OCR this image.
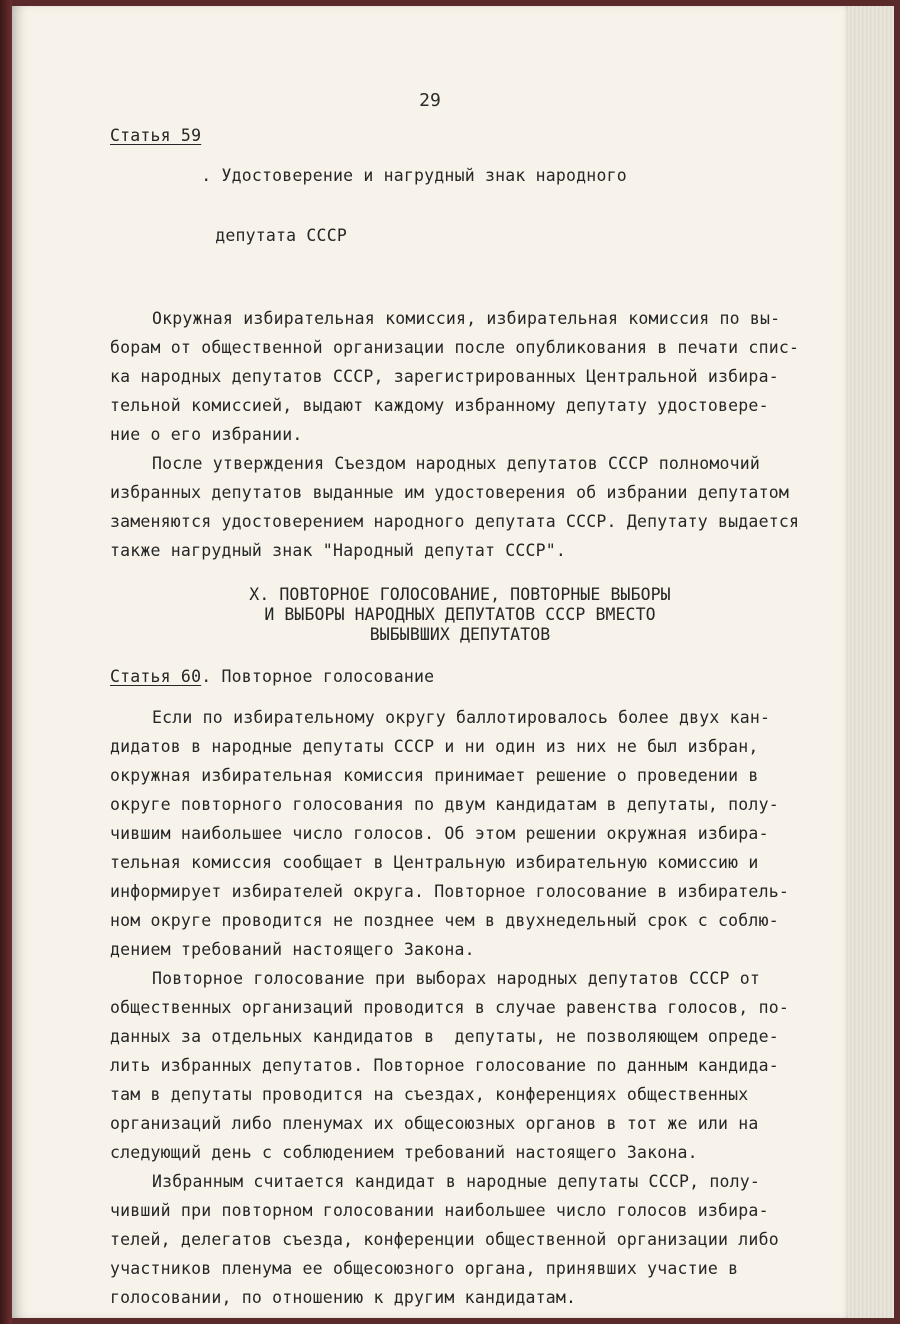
29
Статья 59

. Удостоверение и нагрудный знак народного

депутата СССР

Окружная избирательная комиссия, избирательная комиссия по вы-
борам от общественной организации после опубликования в печати спис-
ка народных депутатов СССР, зарегистрированных Центральной избира-
тельной комиссией, выдают каждому избранному депутату удостовере-
ние о его избрании.

После утверждения Съездом народных депутатов СССР полномочий
избранных депутатов выданные им удостоверения об избрании депутатом
заменяются удостоверением народного депутата СССР. Депутату выдается
также нагрудный знак "Народный депутат СССР".

X. ПОВТОРНОЕ ГОЛОСОВАНИЕ, ПОВТОРНЫЕ ВЫБОРЫ
И ВЫБОРЫ НАРОДНЫХ ДЕПУТАТОВ СССР ВМЕСТО
ВЫБЫВШИХ ДЕПУТАТОВ
Статья 60 . Повторное голосование

Если по избирательному округу баллотировалось более двух кан-
дидатов в народные депутаты СССР и ни один из них не был избран,
окружная избирательная комиссия принимает решение о проведении в
округе повторного голосования по двум кандидатам в депутаты, полу-
чившим наибольшее число голосов. Об этом решении окружная избира-
тельная комиссия сообщает в Центральную избирательную комиссию и
информирует избирателей округа. Повторное голосование в избиратель-
ном округе проводится не позднее чем в двухнедельный срок с соблю-
дением требований настоящего Закона.

Повторное голосование при выборах народных депутатов СССР от
общественных организаций проводится в случае равенства голосов, по-
данных за отдельных кандидатов в  депутаты, не позволяющем опреде-
лить избранных депутатов. Повторное голосование по данным кандида-
там в депутаты проводится на съездах, конференциях общественных
организаций либо пленумах их общесоюзных органов в тот же или на
следующий день с соблюдением требований настоящего Закона.

Избранным считается кандидат в народные депутаты СССР, полу-
чивший при повторном голосовании наибольшее число голосов избира-
телей, делегатов съезда, конференции общественной организации либо
участников пленума ее общесоюзного органа, принявших участие в
голосовании, по отношению к другим кандидатам.
